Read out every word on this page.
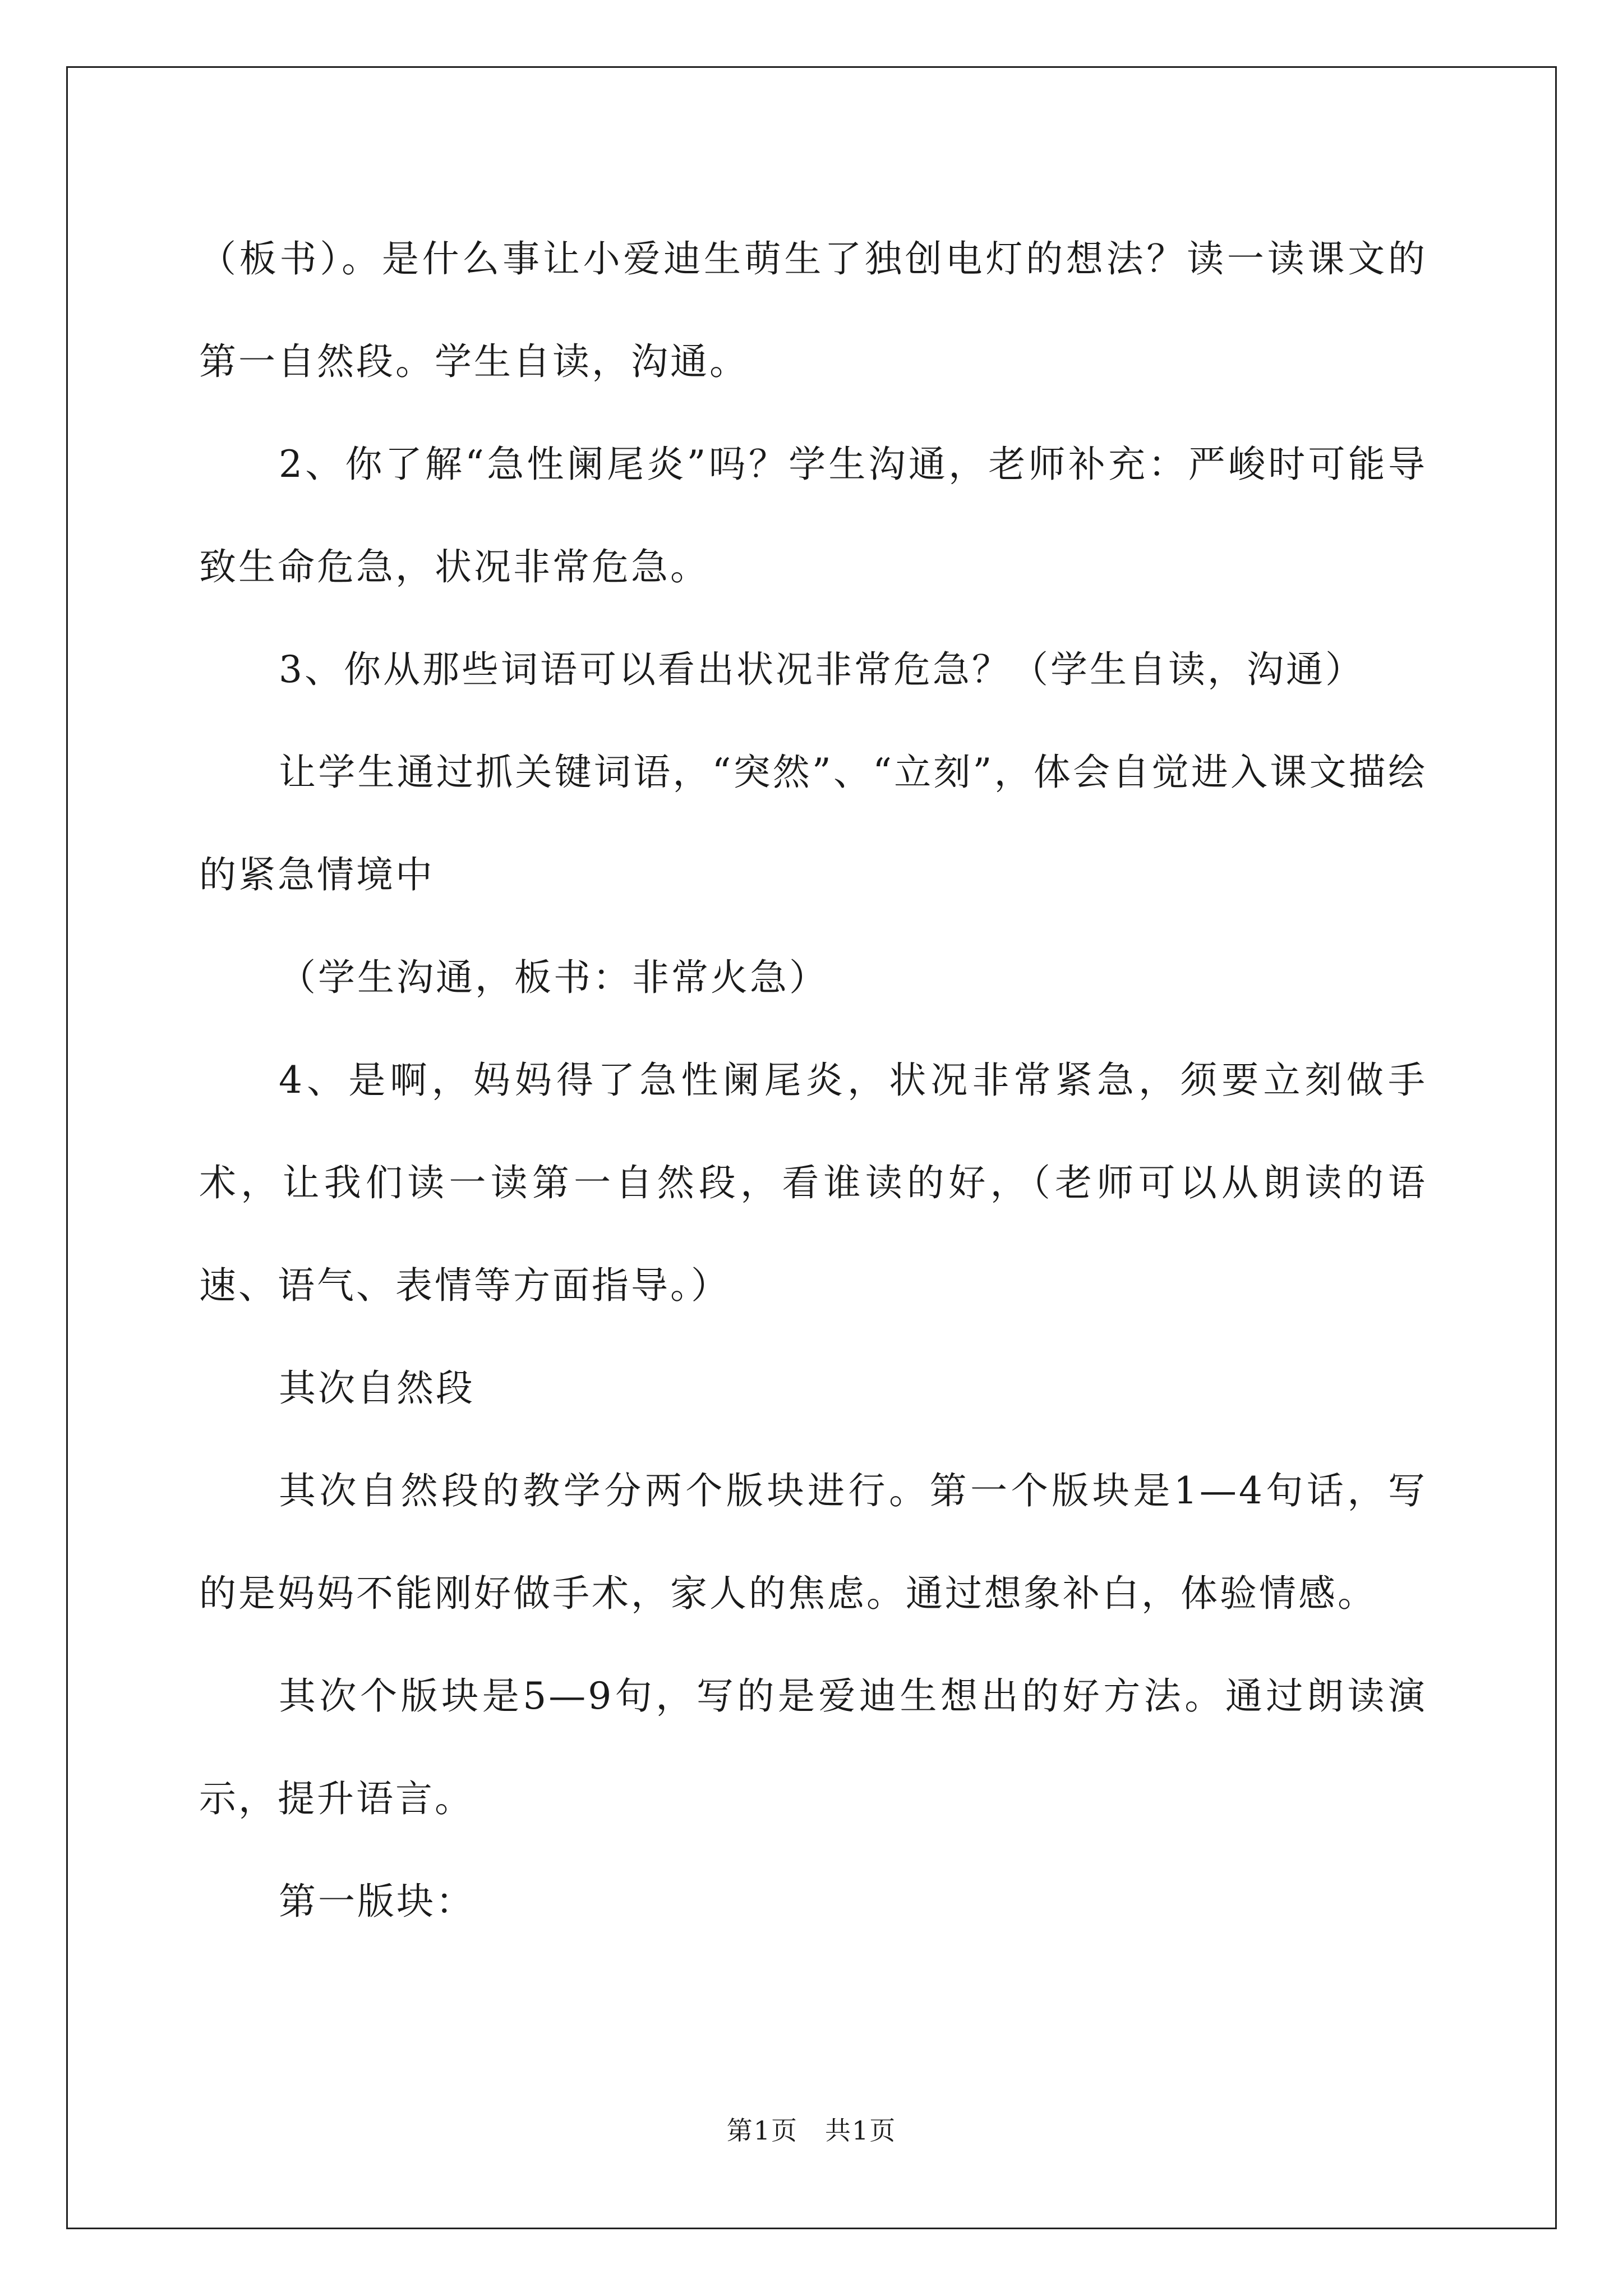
（板书）。是什么事让小爱迪生萌生了独创电灯的想法？读一读课文的第一自然段。学生自读，沟通。

2、你了解“急性阑尾炎”吗？学生沟通，老师补充：严峻时可能导致生命危急，状况非常危急。

3、你从那些词语可以看出状况非常危急？（学生自读，沟通）

让学生通过抓关键词语，“突然”、“立刻”，体会自觉进入课文描绘的紧急情境中

（学生沟通，板书：非常火急）

4、是啊，妈妈得了急性阑尾炎，状况非常紧急，须要立刻做手术，让我们读一读第一自然段，看谁读的好，（老师可以从朗读的语速、语气、表情等方面指导。）

其次自然段

其次自然段的教学分两个版块进行。第一个版块是1—4句话，写的是妈妈不能刚好做手术，家人的焦虑。通过想象补白，体验情感。

其次个版块是5—9句，写的是爱迪生想出的好方法。通过朗读演示，提升语言。

第一版块：

第1页　共1页
